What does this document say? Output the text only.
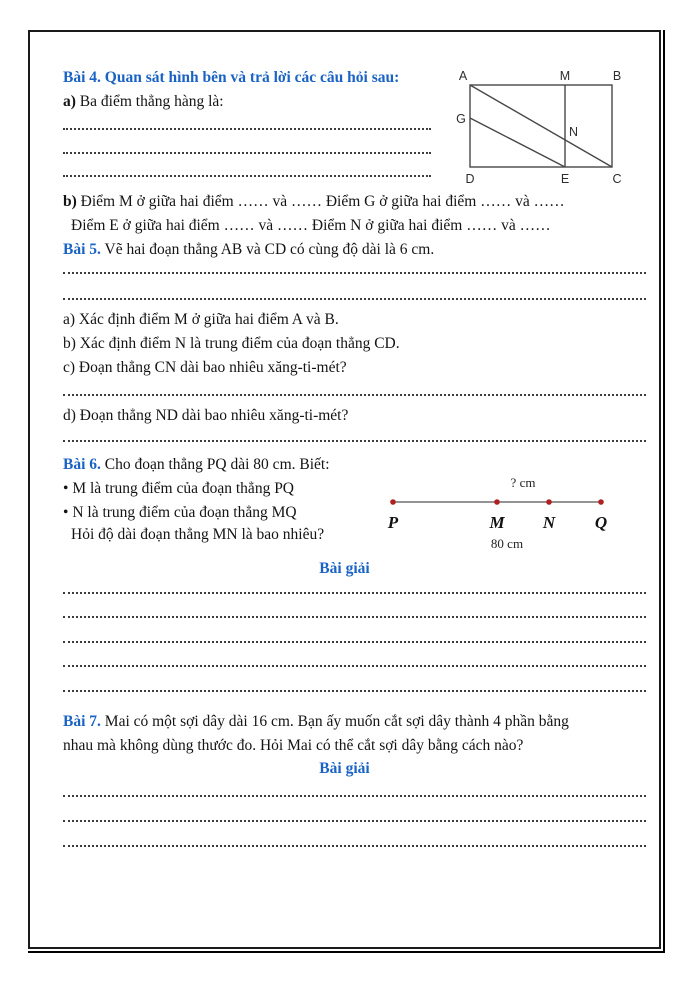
Bài 4. Quan sát hình bên và trả lời các câu hỏi sau:
a) Ba điểm thẳng hàng là:
A	M	B
G
N
D	E	C
b) Điểm M ở giữa hai điểm …… và …… Điểm G ở giữa hai điểm …… và ……
Điểm E ở giữa hai điểm …… và …… Điểm N ở giữa hai điểm …… và ……
Bài 5. Vẽ hai đoạn thẳng AB và CD có cùng độ dài là 6 cm.
a) Xác định điểm M ở giữa hai điểm A và B.
b) Xác định điểm N là trung điểm của đoạn thẳng CD.
c) Đoạn thẳng CN dài bao nhiêu xăng-ti-mét?
d) Đoạn thẳng ND dài bao nhiêu xăng-ti-mét?
Bài 6. Cho đoạn thẳng PQ dài 80 cm. Biết:
• M là trung điểm của đoạn thẳng PQ
• N là trung điểm của đoạn thẳng MQ
Hỏi độ dài đoạn thẳng MN là bao nhiêu?
? cm
P	M N Q
80 cm
Bài giải
Bài 7. Mai có một sợi dây dài 16 cm. Bạn ấy muốn cắt sợi dây thành 4 phần bằng
nhau mà không dùng thước đo. Hỏi Mai có thể cắt sợi dây bằng cách nào?
Bài giải
